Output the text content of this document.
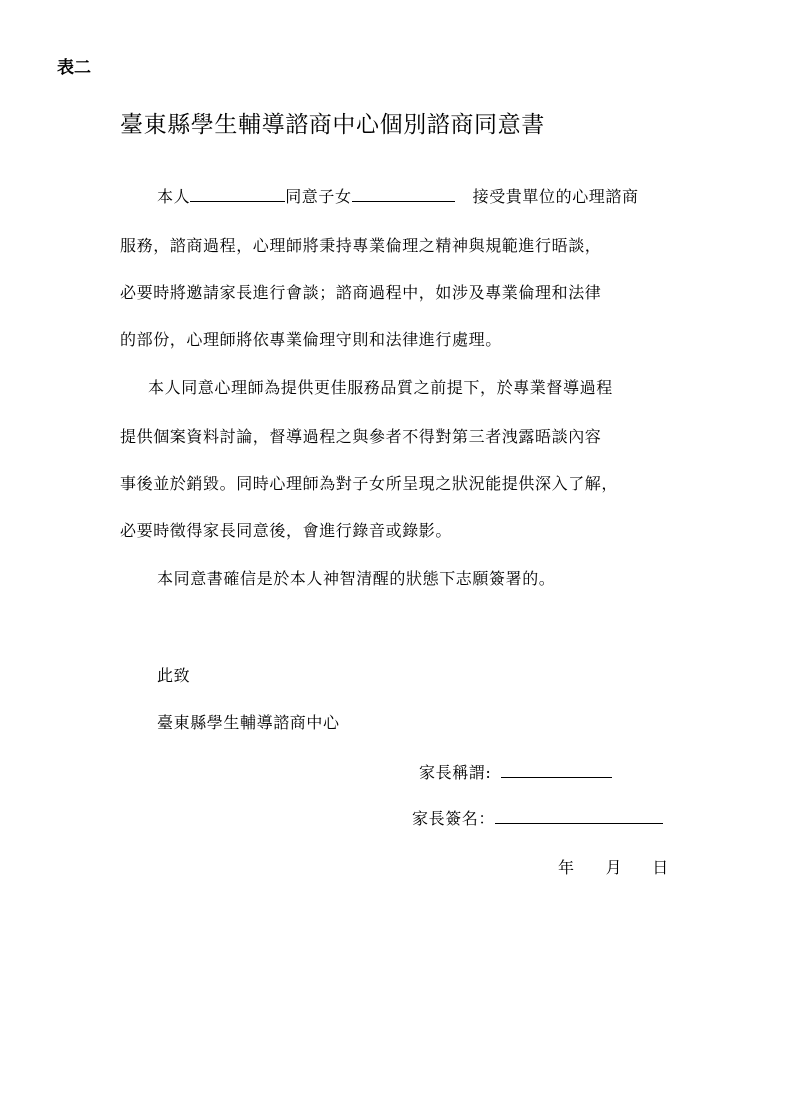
表二
臺東縣學生輔導諮商中心個別諮商同意書
本人	同意子女	接受貴單位的心理諮商
服務，諮商過程，心理師將秉持專業倫理之精神與規範進行晤談，
必要時將邀請家長進行會談；諮商過程中，如涉及專業倫理和法律
的部份，心理師將依專業倫理守則和法律進行處理。
本人同意心理師為提供更佳服務品質之前提下，於專業督導過程
提供個案資料討論，督導過程之與參者不得對第三者洩露晤談內容
事後並於銷毀。同時心理師為對子女所呈現之狀況能提供深入了解，
必要時徵得家長同意後，會進行錄音或錄影。
本同意書確信是於本人神智清醒的狀態下志願簽署的。
此致
臺東縣學生輔導諮商中心
家長稱謂:
家長簽名：
年 月 日
